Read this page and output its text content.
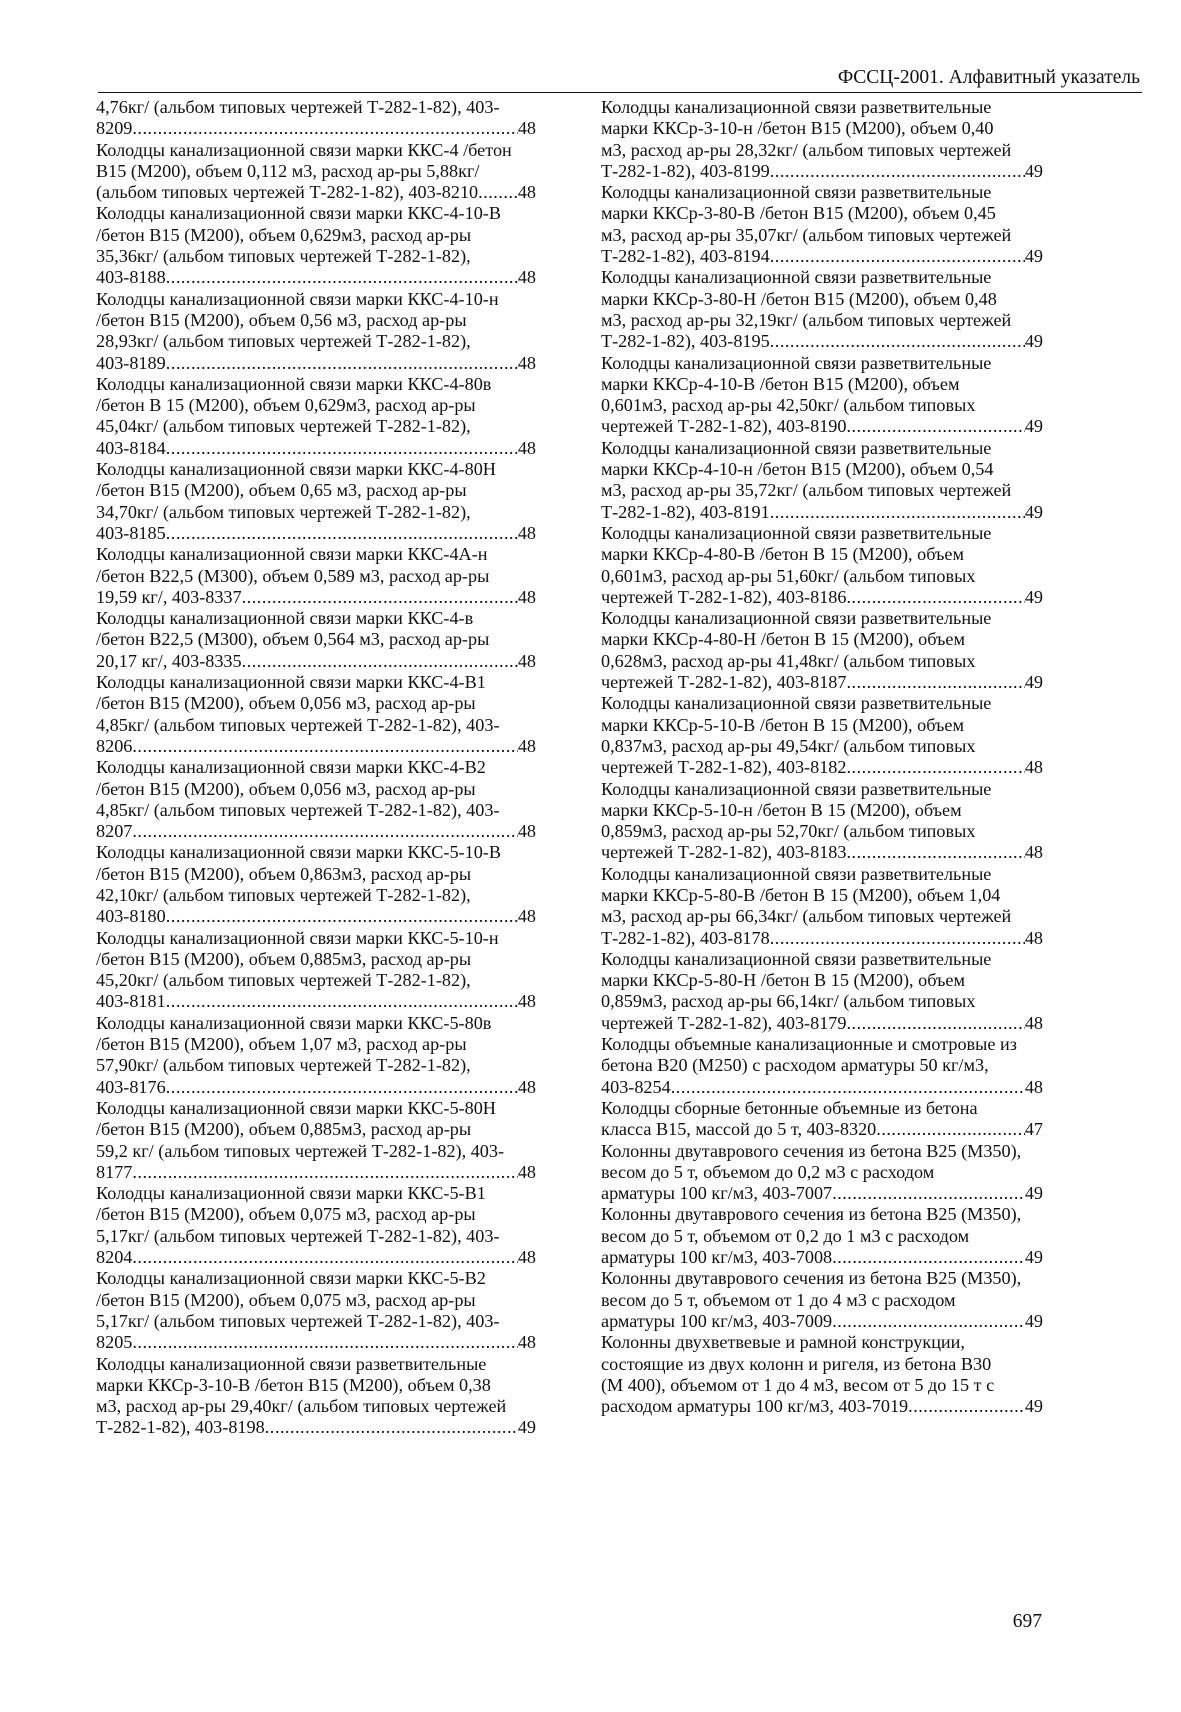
ФССЦ-2001. Алфавитный указатель
4,76кг/ (альбом типовых чертежей Т-282-1-82), 403-
8209 .....	48
Колодцы канализационной связи марки ККС-4 /бетон
В15 (М200), объем 0,112 м3, расход ар-ры 5,88кг/
(альбом типовых чертежей Т-282-1-82), 403-8210 ..... 48
Колодцы канализационной связи марки ККС-4-10-В
/бетон В15 (М200), объем 0,629м3, расход ар-ры
35,36кг/ (альбом типовых чертежей Т-282-1-82),
403-8188 .....	48
Колодцы канализационной связи марки ККС-4-10-н
/бетон В15 (М200), объем 0,56 м3, расход ар-ры
28,93кг/ (альбом типовых чертежей Т-282-1-82),
403-8189 .....	48
Колодцы канализационной связи марки ККС-4-80в
/бетон В 15 (М200), объем 0,629м3, расход ар-ры
45,04кг/ (альбом типовых чертежей Т-282-1-82),
403-8184 .....	48
Колодцы канализационной связи марки ККС-4-80Н
/бетон В15 (М200), объем 0,65 м3, расход ар-ры
34,70кг/ (альбом типовых чертежей Т-282-1-82),
403-8185 .....	48
Колодцы канализационной связи марки ККС-4А-н
/бетон В22,5 (М300), объем 0,589 м3, расход ар-ры
19,59 кг/, 403-8337 .....	48
Колодцы канализационной связи марки ККС-4-в
/бетон В22,5 (М300), объем 0,564 м3, расход ар-ры
20,17 кг/, 403-8335 .....	48
Колодцы канализационной связи марки ККС-4-В1
/бетон В15 (М200), объем 0,056 м3, расход ар-ры
4,85кг/ (альбом типовых чертежей Т-282-1-82), 403-
8206 .....	48
Колодцы канализационной связи марки ККС-4-В2
/бетон В15 (М200), объем 0,056 м3, расход ар-ры
4,85кг/ (альбом типовых чертежей Т-282-1-82), 403-
8207 .....	48
Колодцы канализационной связи марки ККС-5-10-В
/бетон В15 (М200), объем 0,863м3, расход ар-ры
42,10кг/ (альбом типовых чертежей Т-282-1-82),
403-8180 .....	48
Колодцы канализационной связи марки ККС-5-10-н
/бетон В15 (М200), объем 0,885м3, расход ар-ры
45,20кг/ (альбом типовых чертежей Т-282-1-82),
403-8181 .....	48
Колодцы канализационной связи марки ККС-5-80в
/бетон В15 (М200), объем 1,07 м3, расход ар-ры
57,90кг/ (альбом типовых чертежей Т-282-1-82),
403-8176 .....	48
Колодцы канализационной связи марки ККС-5-80Н
/бетон В15 (М200), объем 0,885м3, расход ар-ры
59,2 кг/ (альбом типовых чертежей Т-282-1-82), 403-
8177 .....	48
Колодцы канализационной связи марки ККС-5-В1
/бетон В15 (М200), объем 0,075 м3, расход ар-ры
5,17кг/ (альбом типовых чертежей Т-282-1-82), 403-
8204 .....	48
Колодцы канализационной связи марки ККС-5-В2
/бетон В15 (М200), объем 0,075 м3, расход ар-ры
5,17кг/ (альбом типовых чертежей Т-282-1-82), 403-
8205 .....	48
Колодцы канализационной связи разветвительные
марки ККСр-3-10-В /бетон В15 (М200), объем 0,38
м3, расход ар-ры 29,40кг/ (альбом типовых чертежей
Т-282-1-82), 403-8198 .....	49
Колодцы канализационной связи разветвительные
марки ККСр-3-10-н /бетон В15 (М200), объем 0,40
м3, расход ар-ры 28,32кг/ (альбом типовых чертежей
Т-282-1-82), 403-8199 .....	49
Колодцы канализационной связи разветвительные
марки ККСр-3-80-В /бетон В15 (М200), объем 0,45
м3, расход ар-ры 35,07кг/ (альбом типовых чертежей
Т-282-1-82), 403-8194 .....	49
Колодцы канализационной связи разветвительные
марки ККСр-3-80-Н /бетон В15 (М200), объем 0,48
м3, расход ар-ры 32,19кг/ (альбом типовых чертежей
Т-282-1-82), 403-8195 .....	49
Колодцы канализационной связи разветвительные
марки ККСр-4-10-В /бетон В15 (М200), объем
0,601м3, расход ар-ры 42,50кг/ (альбом типовых
чертежей Т-282-1-82), 403-8190 .....	49
Колодцы канализационной связи разветвительные
марки ККСр-4-10-н /бетон В15 (М200), объем 0,54
м3, расход ар-ры 35,72кг/ (альбом типовых чертежей
Т-282-1-82), 403-8191 .....	49
Колодцы канализационной связи разветвительные
марки ККСр-4-80-В /бетон В 15 (М200), объем
0,601м3, расход ар-ры 51,60кг/ (альбом типовых
чертежей Т-282-1-82), 403-8186 .....	49
Колодцы канализационной связи разветвительные
марки ККСр-4-80-Н /бетон В 15 (М200), объем
0,628м3, расход ар-ры 41,48кг/ (альбом типовых
чертежей Т-282-1-82), 403-8187 .....	49
Колодцы канализационной связи разветвительные
марки ККСр-5-10-В /бетон В 15 (М200), объем
0,837м3, расход ар-ры 49,54кг/ (альбом типовых
чертежей Т-282-1-82), 403-8182 .....	48
Колодцы канализационной связи разветвительные
марки ККСр-5-10-н /бетон В 15 (М200), объем
0,859м3, расход ар-ры 52,70кг/ (альбом типовых
чертежей Т-282-1-82), 403-8183 .....	48
Колодцы канализационной связи разветвительные
марки ККСр-5-80-В /бетон В 15 (М200), объем 1,04
м3, расход ар-ры 66,34кг/ (альбом типовых чертежей
Т-282-1-82), 403-8178 .....	48
Колодцы канализационной связи разветвительные
марки ККСр-5-80-Н /бетон В 15 (М200), объем
0,859м3, расход ар-ры 66,14кг/ (альбом типовых
чертежей Т-282-1-82), 403-8179 .....	48
Колодцы объемные канализационные и смотровые из
бетона В20 (М250) с расходом арматуры 50 кг/м3,
403-8254 .....	48
Колодцы сборные бетонные объемные из бетона
класса В15, массой до 5 т, 403-8320 .....	47
Колонны двутаврового сечения из бетона В25 (М350),
весом до 5 т, объемом до 0,2 м3 с расходом
арматуры 100 кг/м3, 403-7007 .....	49
Колонны двутаврового сечения из бетона В25 (М350),
весом до 5 т, объемом от 0,2 до 1 м3 с расходом
арматуры 100 кг/м3, 403-7008 .....	49
Колонны двутаврового сечения из бетона В25 (М350),
весом до 5 т, объемом от 1 до 4 м3 с расходом
арматуры 100 кг/м3, 403-7009 .....	49
Колонны двухветвевые и рамной конструкции,
состоящие из двух колонн и ригеля, из бетона В30
(М 400), объемом от 1 до 4 м3, весом от 5 до 15 т с
расходом арматуры 100 кг/м3, 403-7019 .....	49
697
